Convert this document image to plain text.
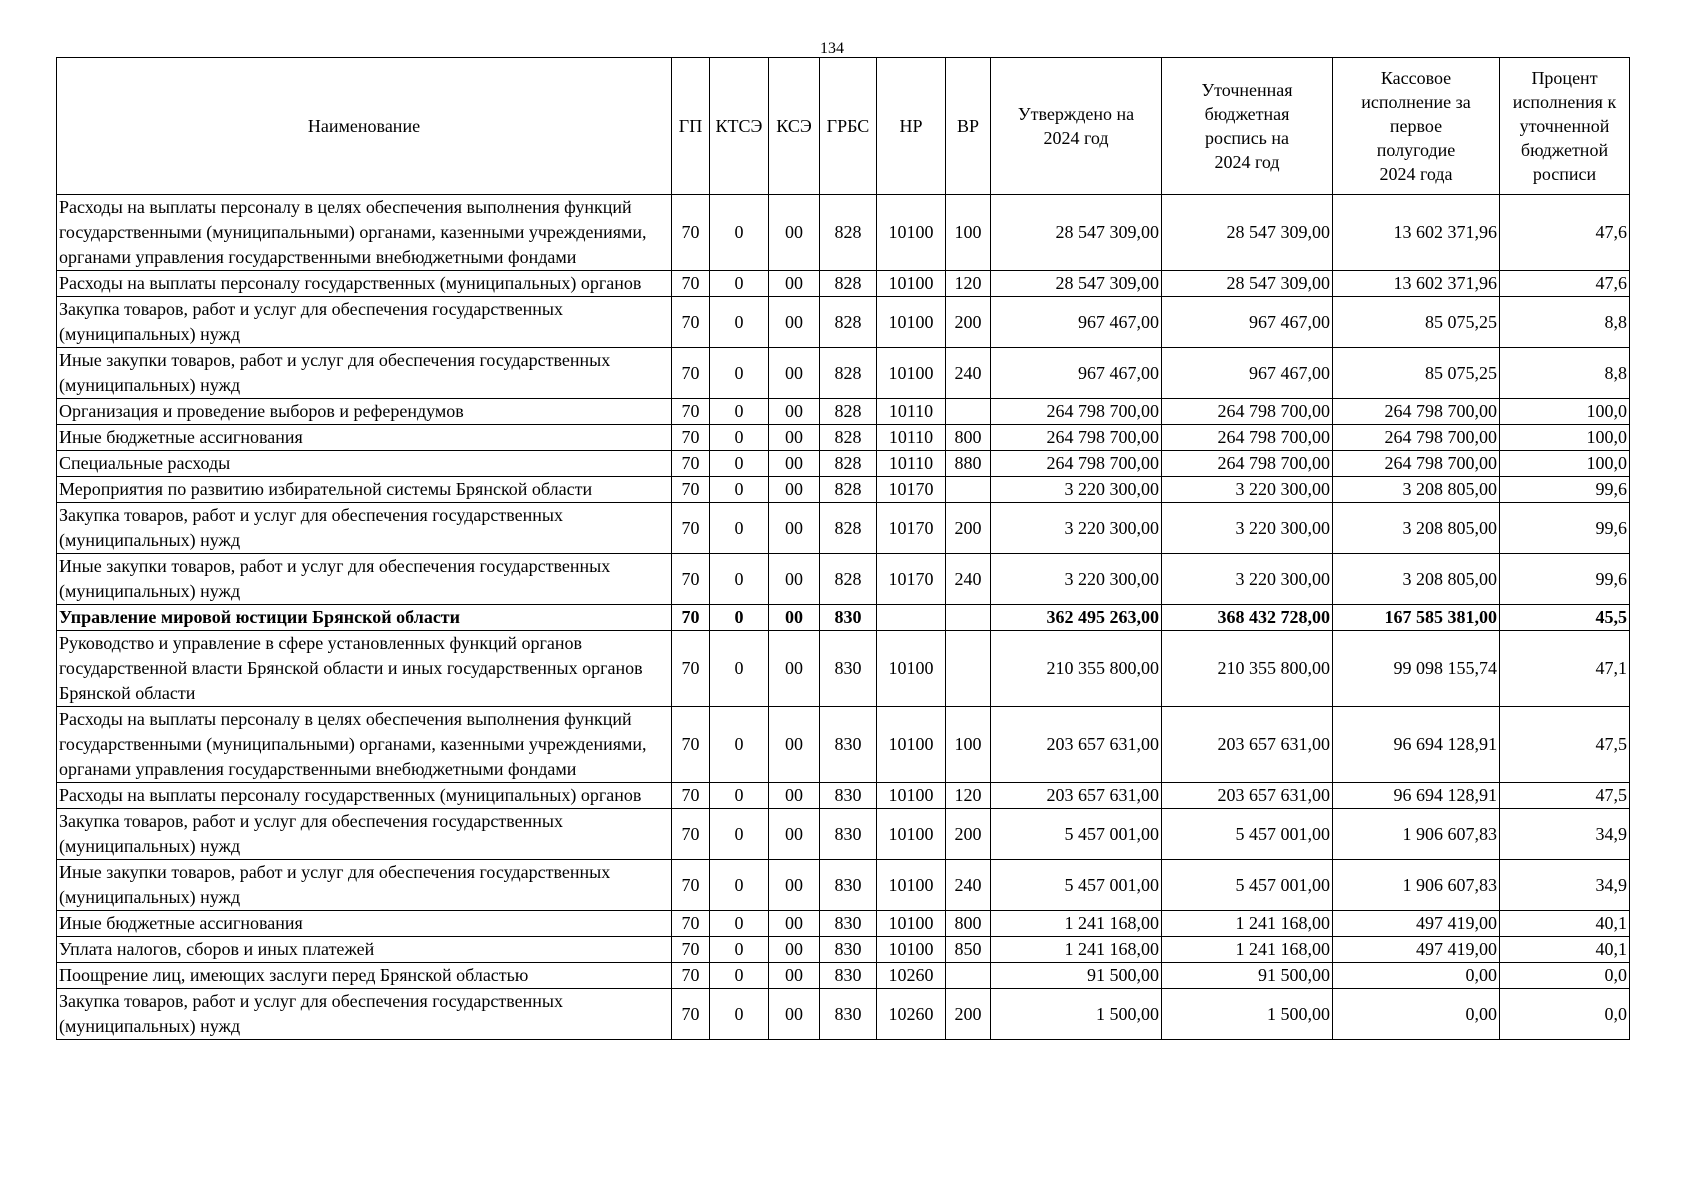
134
Наименование	ГП	КТСЭ	КСЭ	ГРБС	НР	ВР	Утверждено на 2024 год	Уточненная бюджетная роспись на 2024 год	Кассовое исполнение за первое полугодие 2024 года	Процент исполнения к уточненной бюджетной росписи
Расходы на выплаты персоналу в целях обеспечения выполнения функций государственными (муниципальными) органами, казенными учреждениями, органами управления государственными внебюджетными фондами	70	0	00	828	10100	100	28 547 309,00	28 547 309,00	13 602 371,96	47,6
Расходы на выплаты персоналу государственных (муниципальных) органов	70	0	00	828	10100	120	28 547 309,00	28 547 309,00	13 602 371,96	47,6
Закупка товаров, работ и услуг для обеспечения государственных (муниципальных) нужд	70	0	00	828	10100	200	967 467,00	967 467,00	85 075,25	8,8
Иные закупки товаров, работ и услуг для обеспечения государственных (муниципальных) нужд	70	0	00	828	10100	240	967 467,00	967 467,00	85 075,25	8,8
Организация и проведение выборов и референдумов	70	0	00	828	10110		264 798 700,00	264 798 700,00	264 798 700,00	100,0
Иные бюджетные ассигнования	70	0	00	828	10110	800	264 798 700,00	264 798 700,00	264 798 700,00	100,0
Специальные расходы	70	0	00	828	10110	880	264 798 700,00	264 798 700,00	264 798 700,00	100,0
Мероприятия по развитию избирательной системы Брянской области	70	0	00	828	10170		3 220 300,00	3 220 300,00	3 208 805,00	99,6
Закупка товаров, работ и услуг для обеспечения государственных (муниципальных) нужд	70	0	00	828	10170	200	3 220 300,00	3 220 300,00	3 208 805,00	99,6
Иные закупки товаров, работ и услуг для обеспечения государственных (муниципальных) нужд	70	0	00	828	10170	240	3 220 300,00	3 220 300,00	3 208 805,00	99,6
Управление мировой юстиции Брянской области	70	0	00	830			362 495 263,00	368 432 728,00	167 585 381,00	45,5
Руководство и управление в сфере установленных функций органов государственной власти Брянской области и иных государственных органов Брянской области	70	0	00	830	10100		210 355 800,00	210 355 800,00	99 098 155,74	47,1
Расходы на выплаты персоналу в целях обеспечения выполнения функций государственными (муниципальными) органами, казенными учреждениями, органами управления государственными внебюджетными фондами	70	0	00	830	10100	100	203 657 631,00	203 657 631,00	96 694 128,91	47,5
Расходы на выплаты персоналу государственных (муниципальных) органов	70	0	00	830	10100	120	203 657 631,00	203 657 631,00	96 694 128,91	47,5
Закупка товаров, работ и услуг для обеспечения государственных (муниципальных) нужд	70	0	00	830	10100	200	5 457 001,00	5 457 001,00	1 906 607,83	34,9
Иные закупки товаров, работ и услуг для обеспечения государственных (муниципальных) нужд	70	0	00	830	10100	240	5 457 001,00	5 457 001,00	1 906 607,83	34,9
Иные бюджетные ассигнования	70	0	00	830	10100	800	1 241 168,00	1 241 168,00	497 419,00	40,1
Уплата налогов, сборов и иных платежей	70	0	00	830	10100	850	1 241 168,00	1 241 168,00	497 419,00	40,1
Поощрение лиц, имеющих заслуги перед Брянской областью	70	0	00	830	10260		91 500,00	91 500,00	0,00	0,0
Закупка товаров, работ и услуг для обеспечения государственных (муниципальных) нужд	70	0	00	830	10260	200	1 500,00	1 500,00	0,00	0,0
